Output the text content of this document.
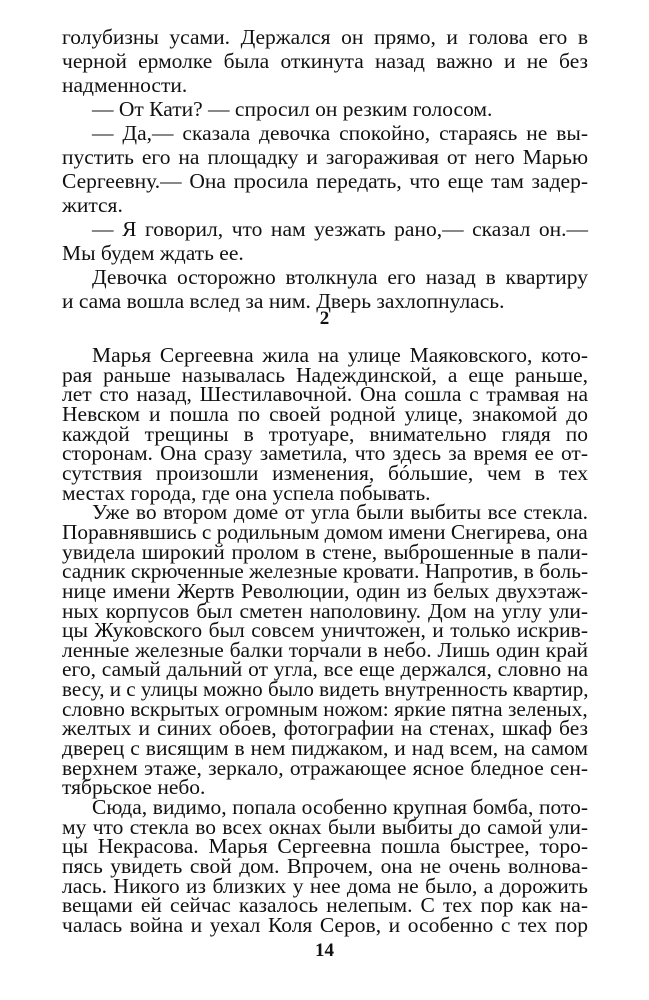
голубизны усами. Держался он прямо, и голова его в
черной ермолке была откинута назад важно и не без
надменности.
— От Кати? — спросил он резким голосом.
— Да,— сказала девочка спокойно, стараясь не вы-
пустить его на площадку и загораживая от него Марью
Сергеевну.— Она просила передать, что еще там задер-
жится.
— Я говорил, что нам уезжать рано,— сказал он.—
Мы будем ждать ее.
Девочка осторожно втолкнула его назад в квартиру
и сама вошла вслед за ним. Дверь захлопнулась.
2
Марья Сергеевна жила на улице Маяковского, кото-
рая раньше называлась Надеждинской, а еще раньше,
лет сто назад, Шестилавочной. Она сошла с трамвая на
Невском и пошла по своей родной улице, знакомой до
каждой трещины в тротуаре, внимательно глядя по
сторонам. Она сразу заметила, что здесь за время ее от-
сутствия произошли изменения, бóльшие, чем в тех
местах города, где она успела побывать.
Уже во втором доме от угла были выбиты все стекла.
Поравнявшись с родильным домом имени Снегирева, она
увидела широкий пролом в стене, выброшенные в пали-
садник скрюченные железные кровати. Напротив, в боль-
нице имени Жертв Революции, один из белых двухэтаж-
ных корпусов был сметен наполовину. Дом на углу ули-
цы Жуковского был совсем уничтожен, и только искрив-
ленные железные балки торчали в небо. Лишь один край
его, самый дальний от угла, все еще держался, словно на
весу, и с улицы можно было видеть внутренность квартир,
словно вскрытых огромным ножом: яркие пятна зеленых,
желтых и синих обоев, фотографии на стенах, шкаф без
дверец с висящим в нем пиджаком, и над всем, на самом
верхнем этаже, зеркало, отражающее ясное бледное сен-
тябрьское небо.
Сюда, видимо, попала особенно крупная бомба, пото-
му что стекла во всех окнах были выбиты до самой ули-
цы Некрасова. Марья Сергеевна пошла быстрее, торо-
пясь увидеть свой дом. Впрочем, она не очень волнова-
лась. Никого из близких у нее дома не было, а дорожить
вещами ей сейчас казалось нелепым. С тех пор как на-
чалась война и уехал Коля Серов, и особенно с тех пор
14
